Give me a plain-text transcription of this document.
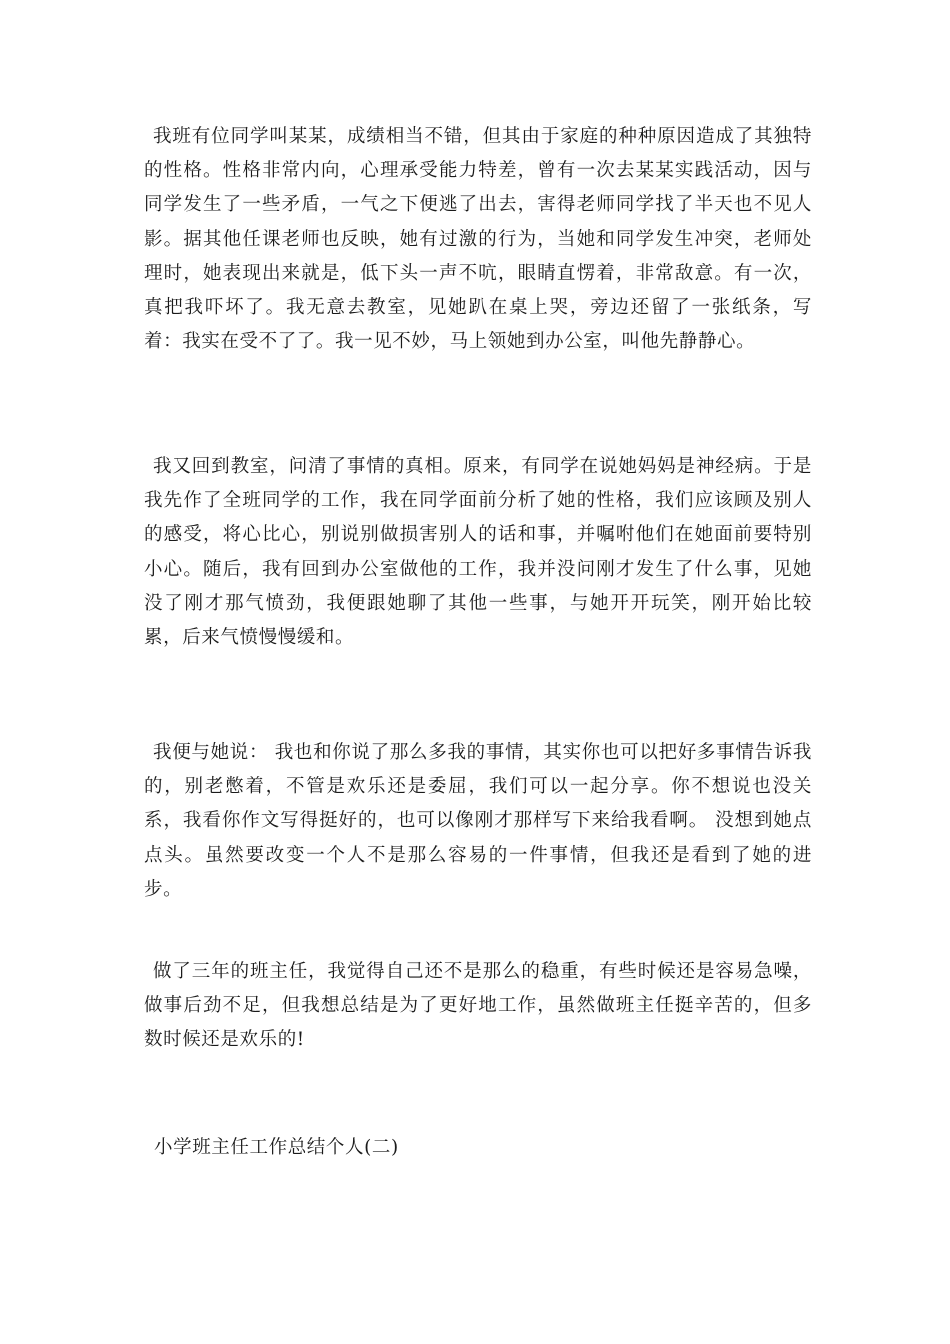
我班有位同学叫某某，成绩相当不错，但其由于家庭的种种原因造成了其独特的性格。性格非常内向，心理承受能力特差，曾有一次去某某实践活动，因与同学发生了一些矛盾，一气之下便逃了出去，害得老师同学找了半天也不见人影。据其他任课老师也反映，她有过激的行为，当她和同学发生冲突，老师处理时，她表现出来就是，低下头一声不吭，眼睛直愣着，非常敌意。有一次，真把我吓坏了。我无意去教室，见她趴在桌上哭，旁边还留了一张纸条，写着：我实在受不了了。我一见不妙，马上领她到办公室，叫他先静静心。

我又回到教室，问清了事情的真相。原来，有同学在说她妈妈是神经病。于是我先作了全班同学的工作，我在同学面前分析了她的性格，我们应该顾及别人的感受，将心比心，别说别做损害别人的话和事，并嘱咐他们在她面前要特别小心。随后，我有回到办公室做他的工作，我并没问刚才发生了什么事，见她没了刚才那气愤劲，我便跟她聊了其他一些事，与她开开玩笑，刚开始比较累，后来气愤慢慢缓和。

我便与她说： 我也和你说了那么多我的事情，其实你也可以把好多事情告诉我的，别老憋着，不管是欢乐还是委屈，我们可以一起分享。你不想说也没关系，我看你作文写得挺好的，也可以像刚才那样写下来给我看啊。 没想到她点点头。虽然要改变一个人不是那么容易的一件事情，但我还是看到了她的进步。

做了三年的班主任，我觉得自己还不是那么的稳重，有些时候还是容易急噪，做事后劲不足，但我想总结是为了更好地工作，虽然做班主任挺辛苦的，但多数时候还是欢乐的!

小学班主任工作总结个人(二)
